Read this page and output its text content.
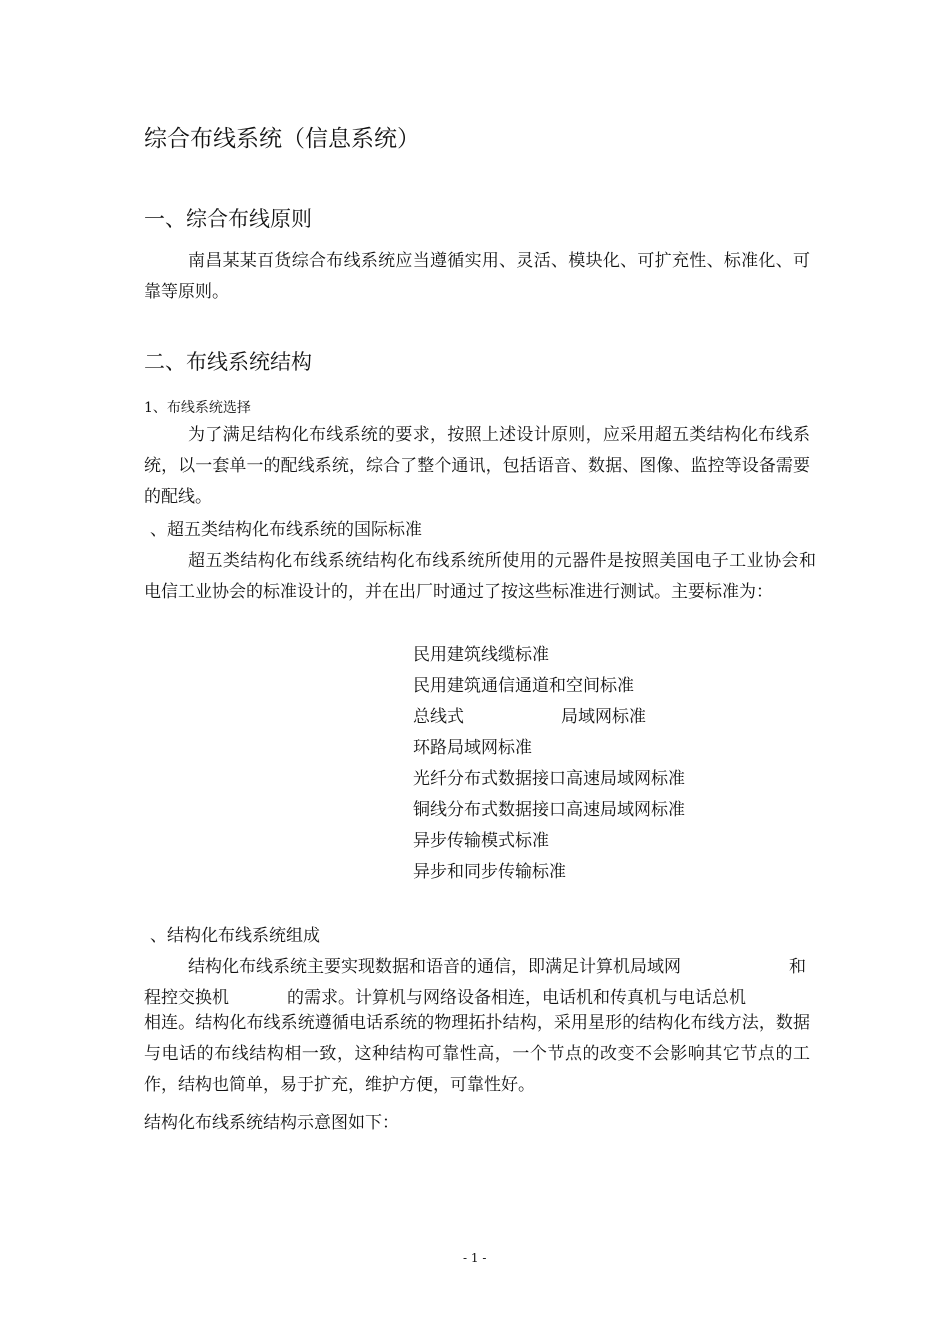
综合布线系统（信息系统）
一、综合布线原则
南昌某某百货综合布线系统应当遵循实用、灵活、模块化、可扩充性、标准化、可靠等原则。
二、布线系统结构
1、布线系统选择
为了满足结构化布线系统的要求，按照上述设计原则，应采用超五类结构化布线系统，以一套单一的配线系统，综合了整个通讯，包括语音、数据、图像、监控等设备需要的配线。
、超五类结构化布线系统的国际标准
超五类结构化布线系统结构化布线系统所使用的元器件是按照美国电子工业协会和电信工业协会的标准设计的，并在出厂时通过了按这些标准进行测试。主要标准为：
民用建筑线缆标准
民用建筑通信通道和空间标准
总线式	局域网标准
环路局域网标准
光纤分布式数据接口高速局域网标准
铜线分布式数据接口高速局域网标准
异步传输模式标准
异步和同步传输标准
、结构化布线系统组成
结构化布线系统主要实现数据和语音的通信，即满足计算机局域网	和
程控交换机	的需求。计算机与网络设备相连，电话机和传真机与电话总机
相连。结构化布线系统遵循电话系统的物理拓扑结构，采用星形的结构化布线方法，数据与电话的布线结构相一致，这种结构可靠性高，一个节点的改变不会影响其它节点的工作，结构也简单，易于扩充，维护方便，可靠性好。
结构化布线系统结构示意图如下：
- 1 -
